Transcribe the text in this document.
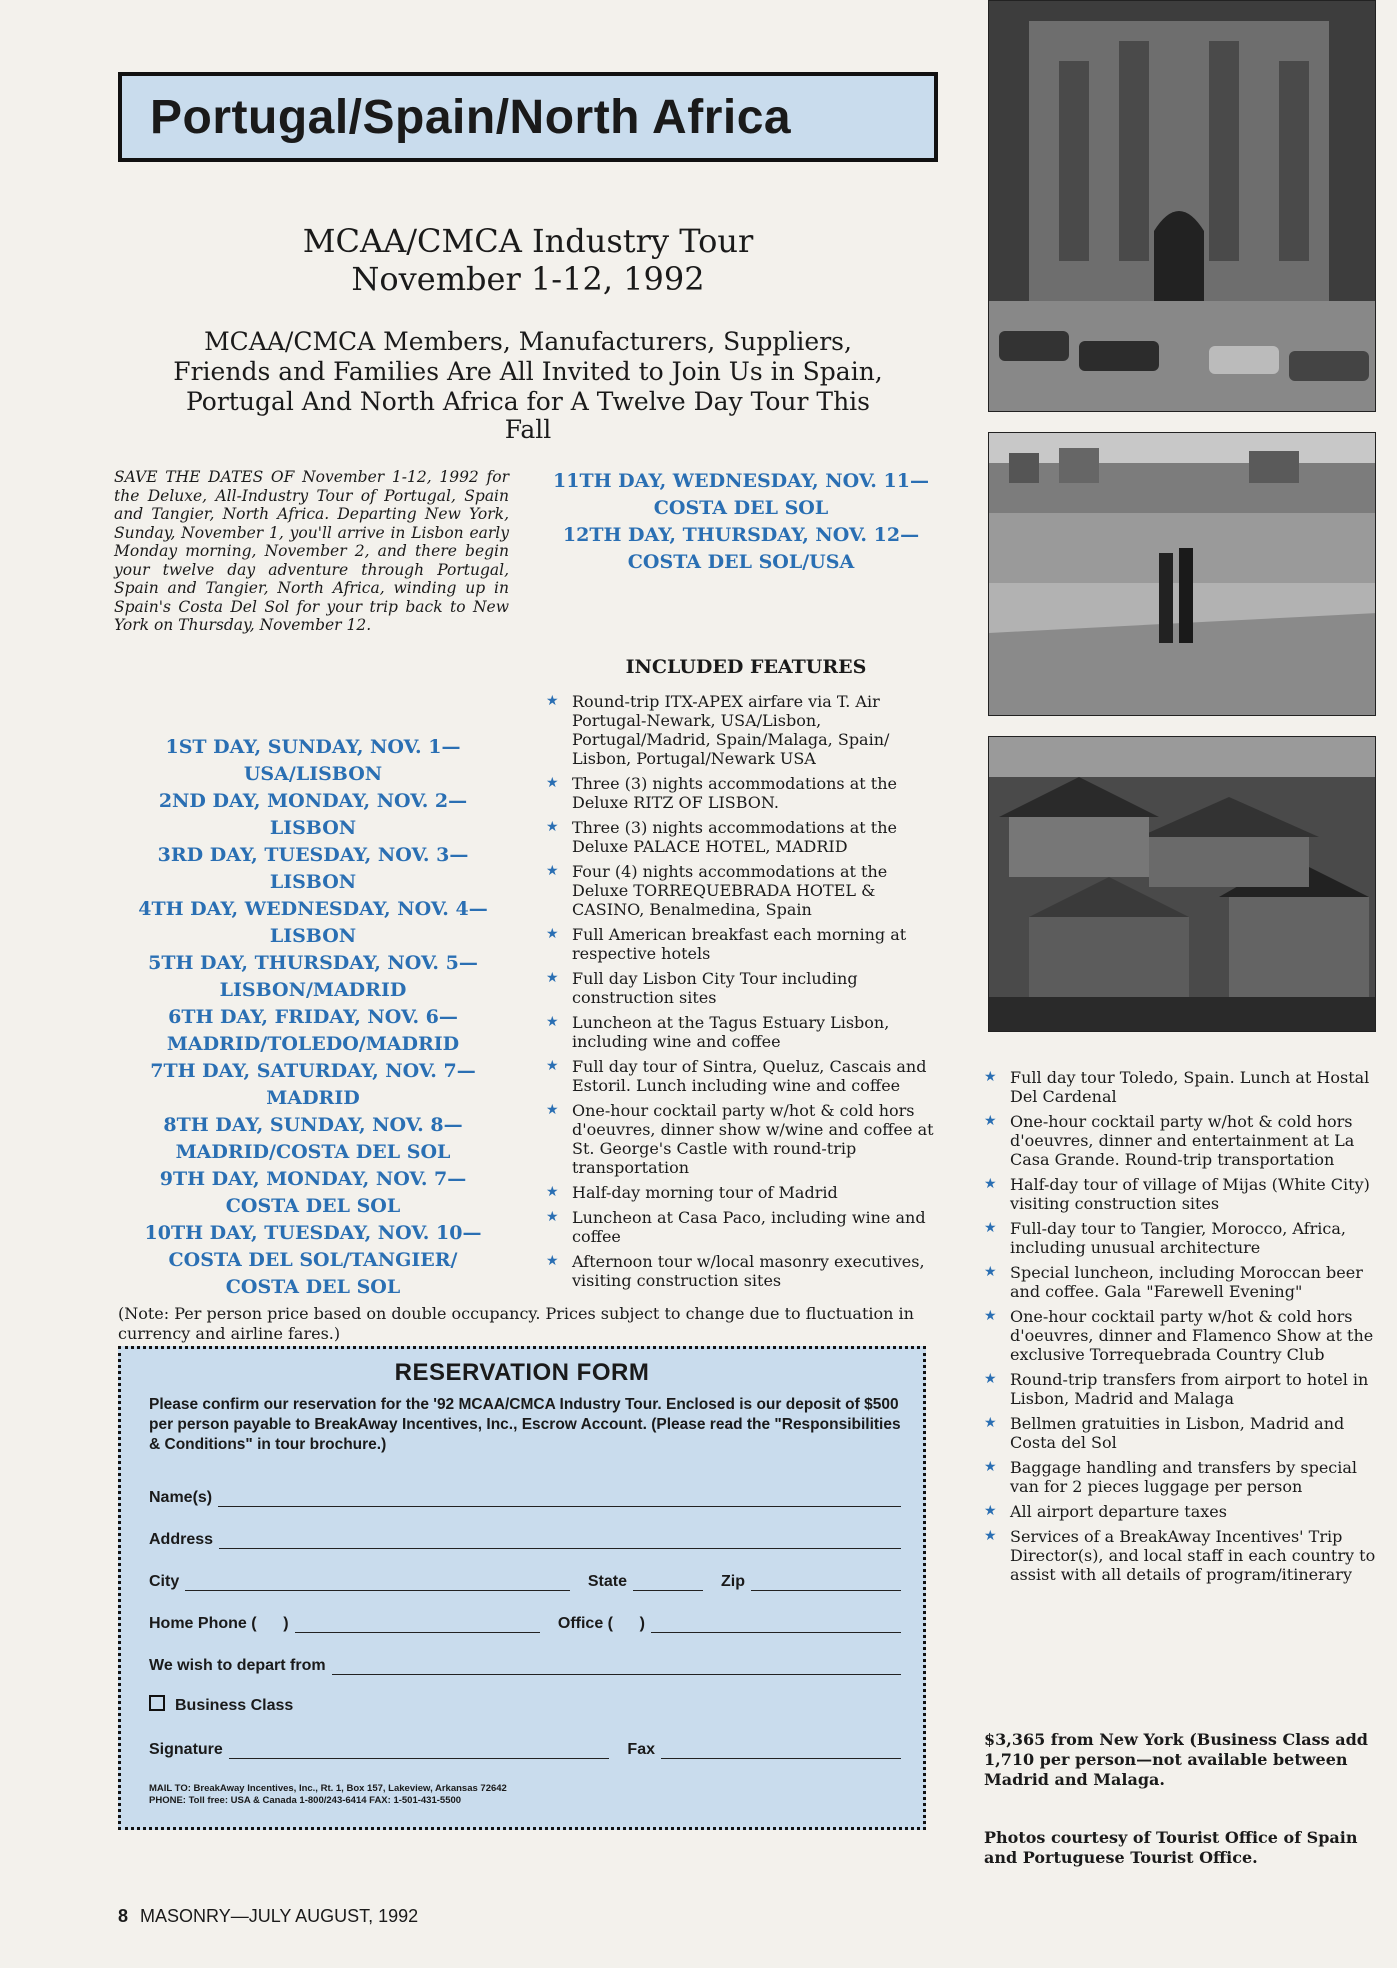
Portugal/Spain/North Africa
MCAA/CMCA Industry Tour
November 1-12, 1992
MCAA/CMCA Members, Manufacturers, Suppliers,
Friends and Families Are All Invited to Join Us in Spain,
Portugal And North Africa for A Twelve Day Tour This
Fall
SAVE THE DATES OF November 1-12, 1992 for the Deluxe, All-Industry Tour of Portugal, Spain and Tangier, North Africa. Departing New York, Sunday, November 1, you'll arrive in Lisbon early Monday morning, November 2, and there begin your twelve day adventure through Portugal, Spain and Tangier, North Africa, winding up in Spain's Costa Del Sol for your trip back to New York on Thursday, November 12.
1ST DAY, SUNDAY, NOV. 1—
USA/LISBON
2ND DAY, MONDAY, NOV. 2—
LISBON
3RD DAY, TUESDAY, NOV. 3—
LISBON
4TH DAY, WEDNESDAY, NOV. 4—
LISBON
5TH DAY, THURSDAY, NOV. 5—
LISBON/MADRID
6TH DAY, FRIDAY, NOV. 6—
MADRID/TOLEDO/MADRID
7TH DAY, SATURDAY, NOV. 7—
MADRID
8TH DAY, SUNDAY, NOV. 8—
MADRID/COSTA DEL SOL
9TH DAY, MONDAY, NOV. 7—
COSTA DEL SOL
10TH DAY, TUESDAY, NOV. 10—
COSTA DEL SOL/TANGIER/
COSTA DEL SOL
11TH DAY, WEDNESDAY, NOV. 11—
COSTA DEL SOL
12TH DAY, THURSDAY, NOV. 12—
COSTA DEL SOL/USA
INCLUDED FEATURES
★ Round-trip ITX-APEX airfare via T. Air Portugal-Newark, USA/Lisbon, Portugal/Madrid, Spain/Malaga, Spain/ Lisbon, Portugal/Newark USA
★ Three (3) nights accommodations at the Deluxe RITZ OF LISBON.
★ Three (3) nights accommodations at the Deluxe PALACE HOTEL, MADRID
★ Four (4) nights accommodations at the Deluxe TORREQUEBRADA HOTEL & CASINO, Benalmedina, Spain
★ Full American breakfast each morning at respective hotels
★ Full day Lisbon City Tour including construction sites
★ Luncheon at the Tagus Estuary Lisbon, including wine and coffee
★ Full day tour of Sintra, Queluz, Cascais and Estoril. Lunch including wine and coffee
★ One-hour cocktail party w/hot & cold hors d'oeuvres, dinner show w/wine and coffee at St. George's Castle with round-trip transportation
★ Half-day morning tour of Madrid
★ Luncheon at Casa Paco, including wine and coffee
★ Afternoon tour w/local masonry executives, visiting construction sites
★ Full day tour Toledo, Spain. Lunch at Hostal Del Cardenal
★ One-hour cocktail party w/hot & cold hors d'oeuvres, dinner and entertainment at La Casa Grande. Round-trip transportation
★ Half-day tour of village of Mijas (White City) visiting construction sites
★ Full-day tour to Tangier, Morocco, Africa, including unusual architecture
★ Special luncheon, including Moroccan beer and coffee. Gala "Farewell Evening"
★ One-hour cocktail party w/hot & cold hors d'oeuvres, dinner and Flamenco Show at the exclusive Torrequebrada Country Club
★ Round-trip transfers from airport to hotel in Lisbon, Madrid and Malaga
★ Bellmen gratuities in Lisbon, Madrid and Costa del Sol
★ Baggage handling and transfers by special van for 2 pieces luggage per person
★ All airport departure taxes
★ Services of a BreakAway Incentives' Trip Director(s), and local staff in each country to assist with all details of program/itinerary
(Note: Per person price based on double occupancy. Prices subject to change due to fluctuation in currency and airline fares.)
RESERVATION FORM
Please confirm our reservation for the '92 MCAA/CMCA Industry Tour. Enclosed is our deposit of $500 per person payable to BreakAway Incentives, Inc., Escrow Account. (Please read the "Responsibilities & Conditions" in tour brochure.)
Name(s)
Address
City	State	Zip
Home Phone (      )	Office (      )
We wish to depart from
Business Class
Signature	Fax
MAIL TO: BreakAway Incentives, Inc., Rt. 1, Box 157, Lakeview, Arkansas 72642
PHONE: Toll free: USA & Canada 1-800/243-6414 FAX: 1-501-431-5500
$3,365 from New York (Business Class add 1,710 per person—not available between Madrid and Malaga.
Photos courtesy of Tourist Office of Spain and Portuguese Tourist Office.
8 MASONRY—JULY AUGUST, 1992
